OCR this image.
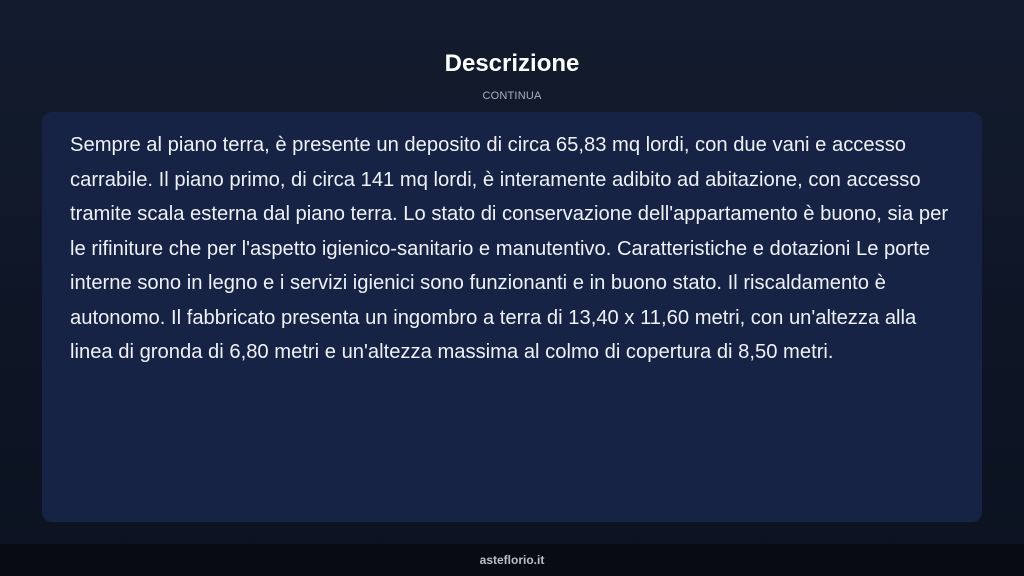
Descrizione
CONTINUA

Sempre al piano terra, è presente un deposito di circa 65,83 mq lordi, con due vani e accesso carrabile. Il piano primo, di circa 141 mq lordi, è interamente adibito ad abitazione, con accesso tramite scala esterna dal piano terra. Lo stato di conservazione dell'appartamento è buono, sia per le rifiniture che per l'aspetto igienico-sanitario e manutentivo. Caratteristiche e dotazioni Le porte interne sono in legno e i servizi igienici sono funzionanti e in buono stato. Il riscaldamento è autonomo. Il fabbricato presenta un ingombro a terra di 13,40 x 11,60 metri, con un'altezza alla linea di gronda di 6,80 metri e un'altezza massima al colmo di copertura di 8,50 metri.

asteflorio.it
